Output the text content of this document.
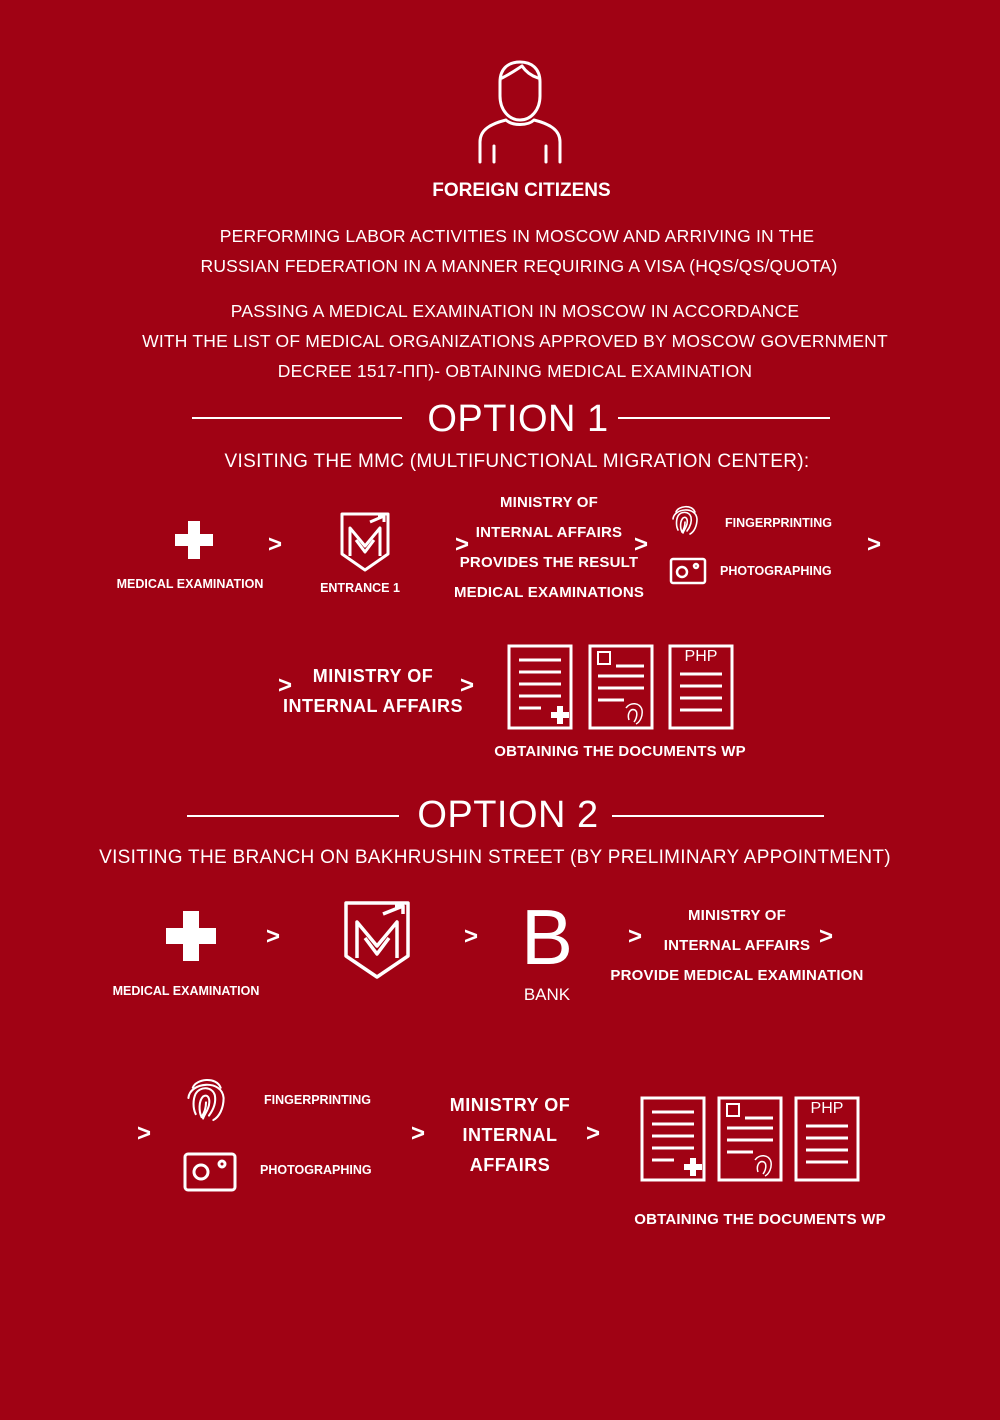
FOREIGN CITIZENS
PERFORMING LABOR ACTIVITIES IN MOSCOW AND ARRIVING IN THE
RUSSIAN FEDERATION IN A MANNER REQUIRING A VISA (HQS/QS/QUOTA)
PASSING A MEDICAL EXAMINATION IN MOSCOW IN ACCORDANCE
WITH THE LIST OF MEDICAL ORGANIZATIONS APPROVED BY MOSCOW GOVERNMENT
DECREE 1517-ПП)- OBTAINING MEDICAL EXAMINATION
OPTION 1
VISITING THE MMC (MULTIFUNCTIONAL MIGRATION CENTER):
MEDICAL EXAMINATION
>
ENTRANCE 1
>
MINISTRY OF
INTERNAL AFFAIRS
PROVIDES THE RESULT
MEDICAL EXAMINATIONS
>
FINGERPRINTING
PHOTOGRAPHING
>
>	MINISTRY OF
INTERNAL AFFAIRS
>
PHP
OBTAINING THE DOCUMENTS WP
OPTION 2
VISITING THE BRANCH ON BAKHRUSHIN STREET (BY PRELIMINARY APPOINTMENT)
MEDICAL EXAMINATION
>	> B
BANK
>
MINISTRY OF
INTERNAL AFFAIRS
PROVIDE MEDICAL EXAMINATION
>
>
FINGERPRINTING
PHOTOGRAPHING
>
MINISTRY OF
INTERNAL
AFFAIRS
>
PHP
OBTAINING THE DOCUMENTS WP
